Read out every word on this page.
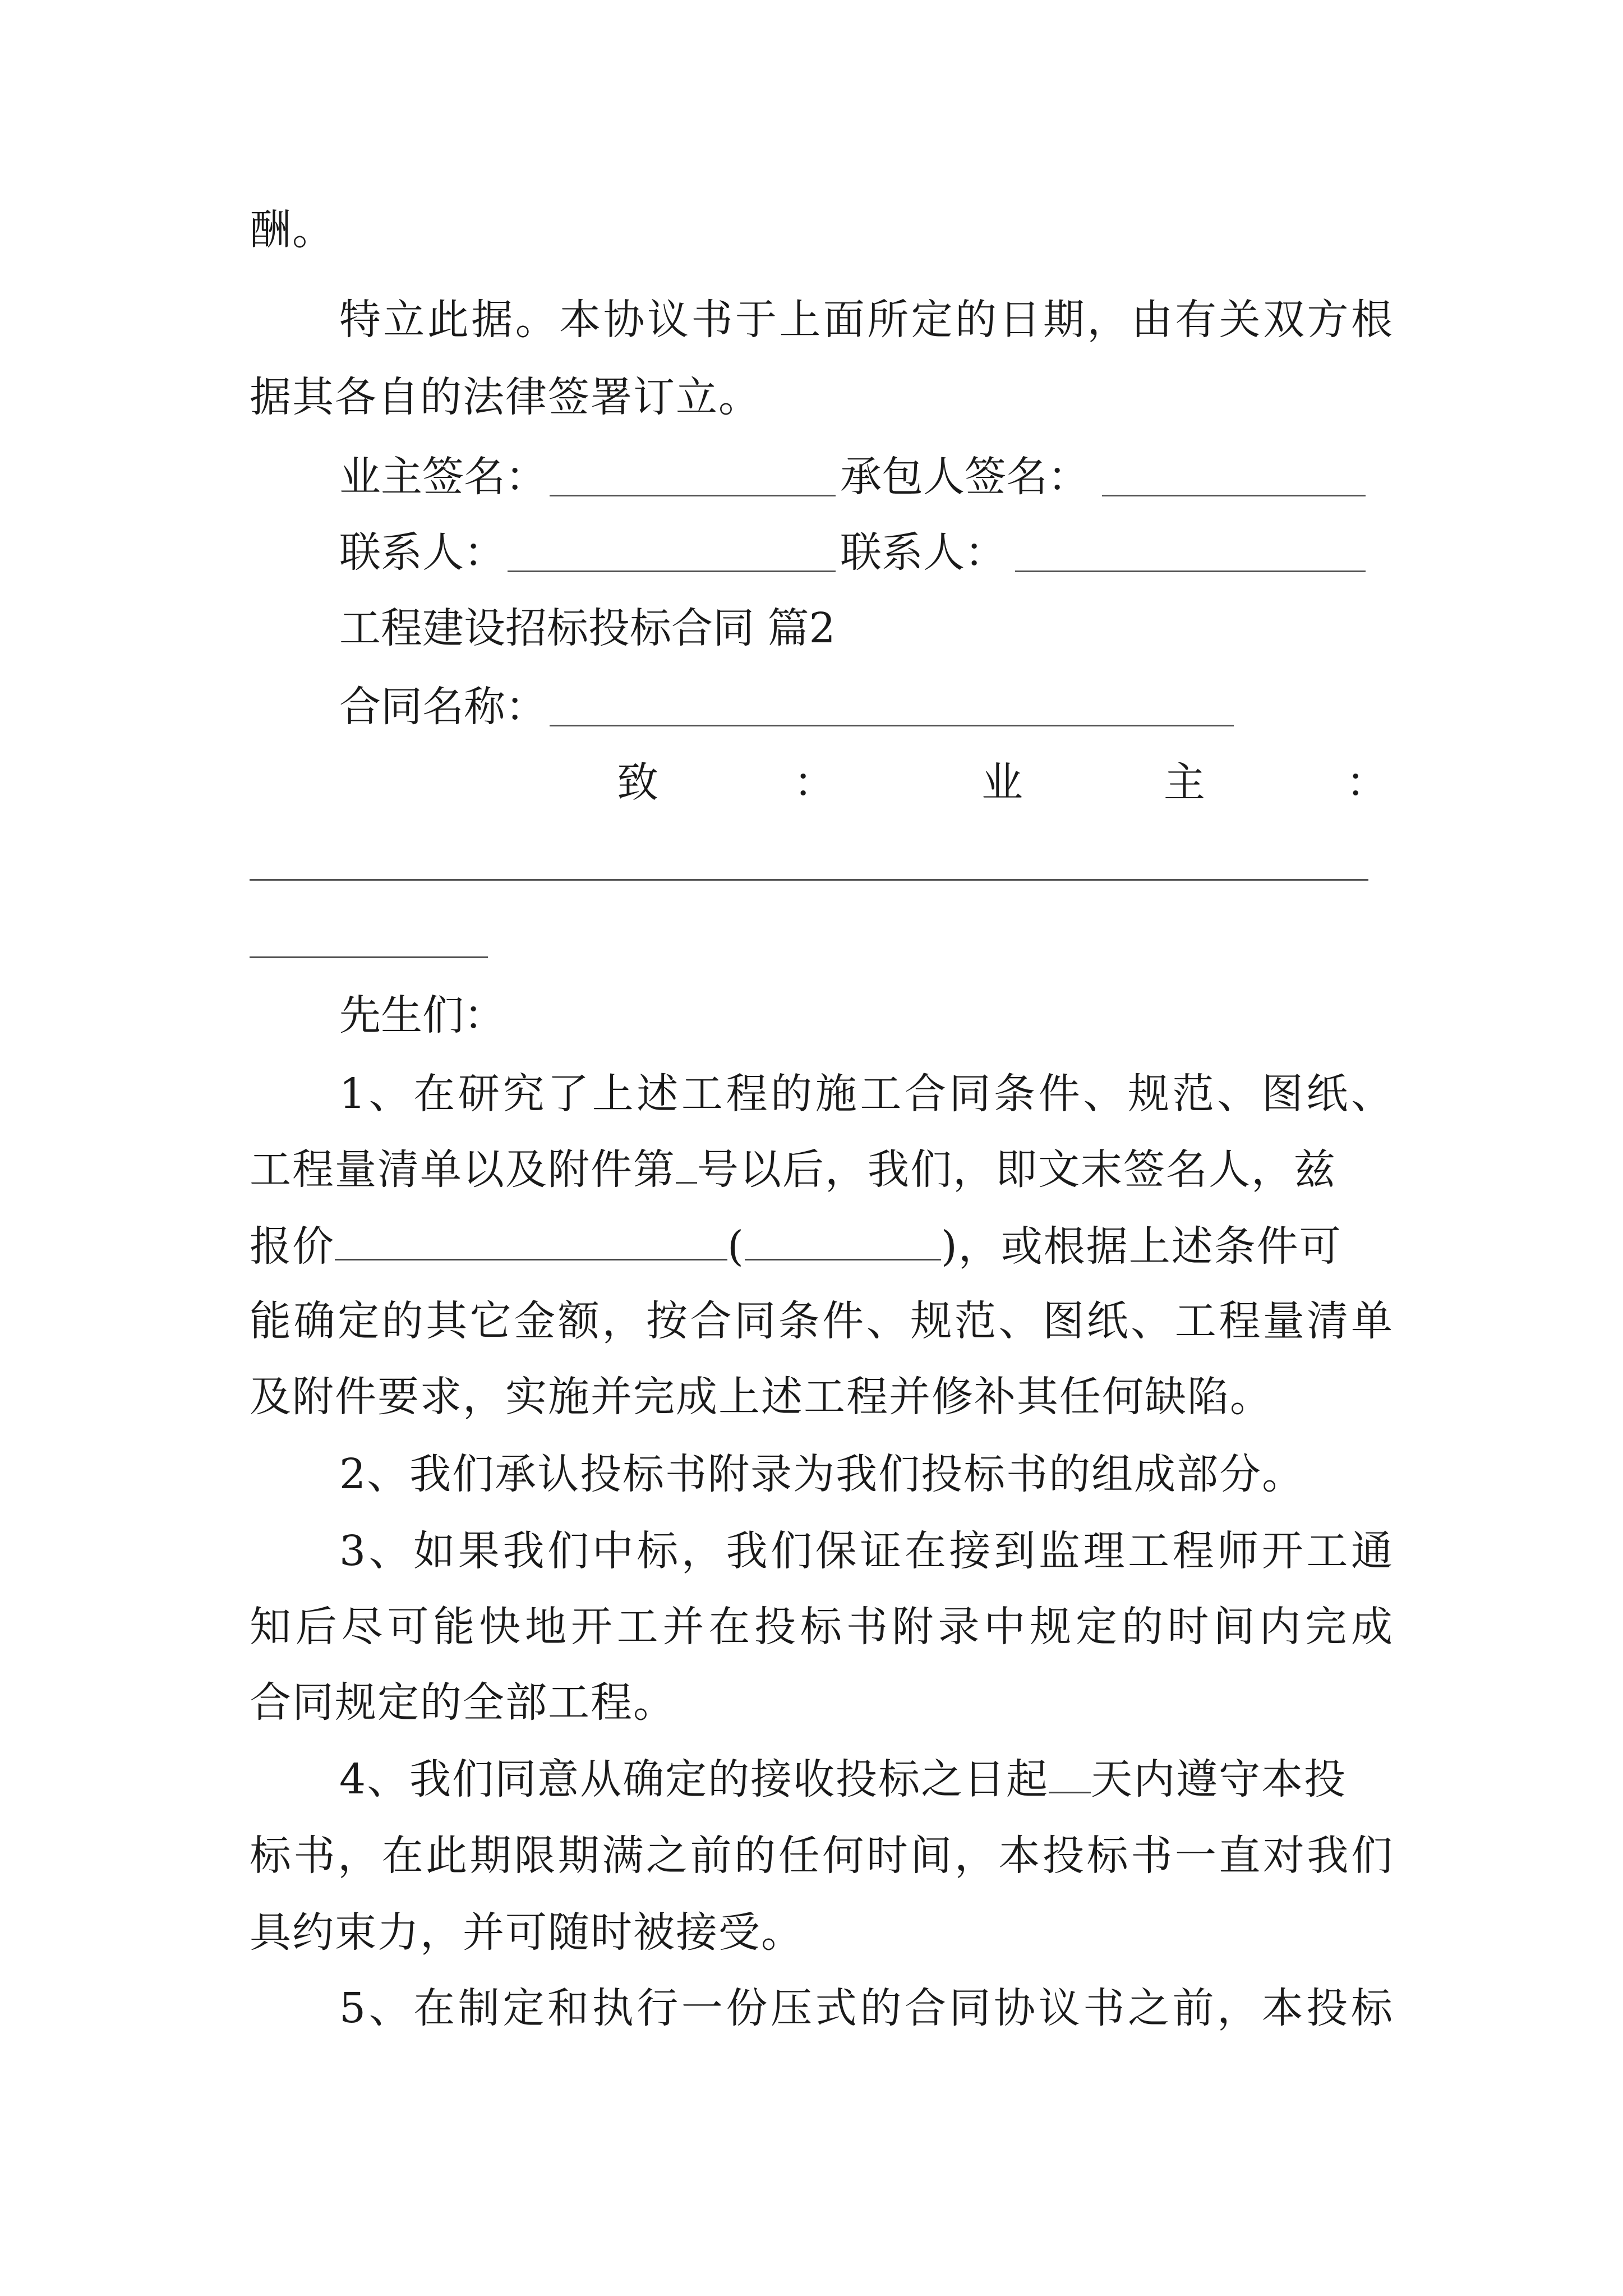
酬。
特立此据。本协议书于上面所定的日期，由有关双方根
据其各自的法律签署订立。
业主签名：	承包人签名：
联系人：	联系人：
工程建设招标投标合同 篇2
合同名称：
致	：	业	主	：
先生们：
1、在研究了上述工程的施工合同条件、规范、图纸、
工程量清单以及附件第 号以后，我们，即文末签名人，兹
报价	(	)，或根据上述条件可
能确定的其它金额，按合同条件、规范、图纸、工程量清单
及附件要求，实施并完成上述工程并修补其任何缺陷。
2、我们承认投标书附录为我们投标书的组成部分。
3、如果我们中标，我们保证在接到监理工程师开工通
知后尽可能快地开工并在投标书附录中规定的时间内完成
合同规定的全部工程。
4、我们同意从确定的接收投标之日起 天内遵守本投
标书，在此期限期满之前的任何时间，本投标书一直对我们
具约束力，并可随时被接受。
5、在制定和执行一份压式的合同协议书之前，本投标
